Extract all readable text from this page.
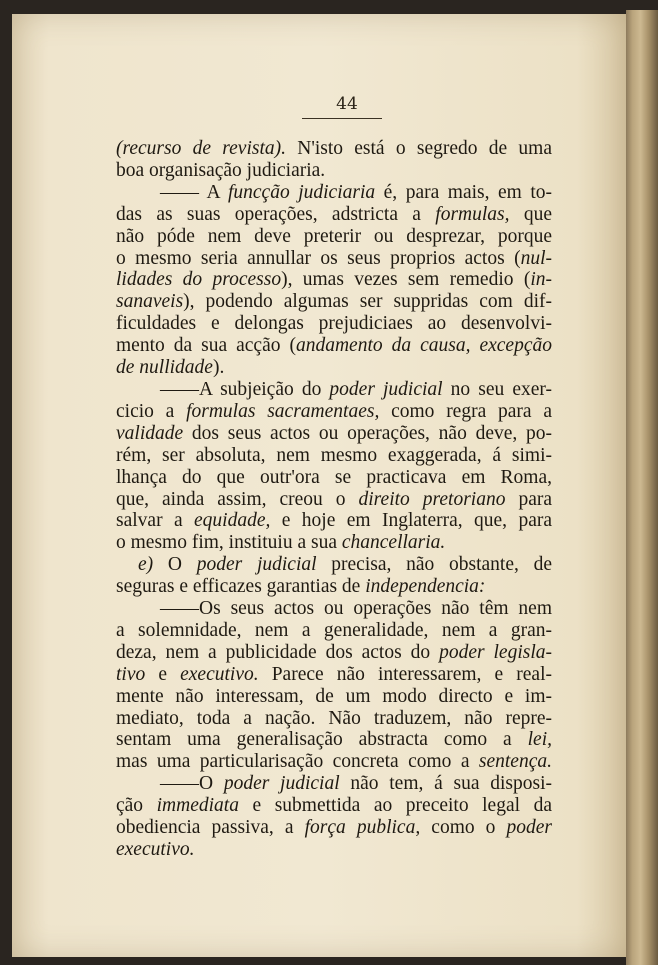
44
(recurso de revista). N'isto está o segredo de uma
boa organisação judiciaria.
—— A funcção judiciaria é, para mais, em to-
das as suas operações, adstricta a formulas, que
não póde nem deve preterir ou desprezar, porque
o mesmo seria annullar os seus proprios actos (nul-
lidades do processo), umas vezes sem remedio (in-
sanaveis), podendo algumas ser suppridas com dif-
ficuldades e delongas prejudiciaes ao desenvolvi-
mento da sua acção (andamento da causa, excepção
de nullidade).
——A subjeição do poder judicial no seu exer-
cicio a formulas sacramentaes, como regra para a
validade dos seus actos ou operações, não deve, po-
rém, ser absoluta, nem mesmo exaggerada, á simi-
lhança do que outr'ora se practicava em Roma,
que, ainda assim, creou o direito pretoriano para
salvar a equidade, e hoje em Inglaterra, que, para
o mesmo fim, instituiu a sua chancellaria.
e) O poder judicial precisa, não obstante, de
seguras e efficazes garantias de independencia:
——Os seus actos ou operações não têm nem
a solemnidade, nem a generalidade, nem a gran-
deza, nem a publicidade dos actos do poder legisla-
tivo e executivo. Parece não interessarem, e real-
mente não interessam, de um modo directo e im-
mediato, toda a nação. Não traduzem, não repre-
sentam uma generalisação abstracta como a lei,
mas uma particularisação concreta como a sentença.
——O poder judicial não tem, á sua disposi-
ção immediata e submettida ao preceito legal da
obediencia passiva, a força publica, como o poder
executivo.
